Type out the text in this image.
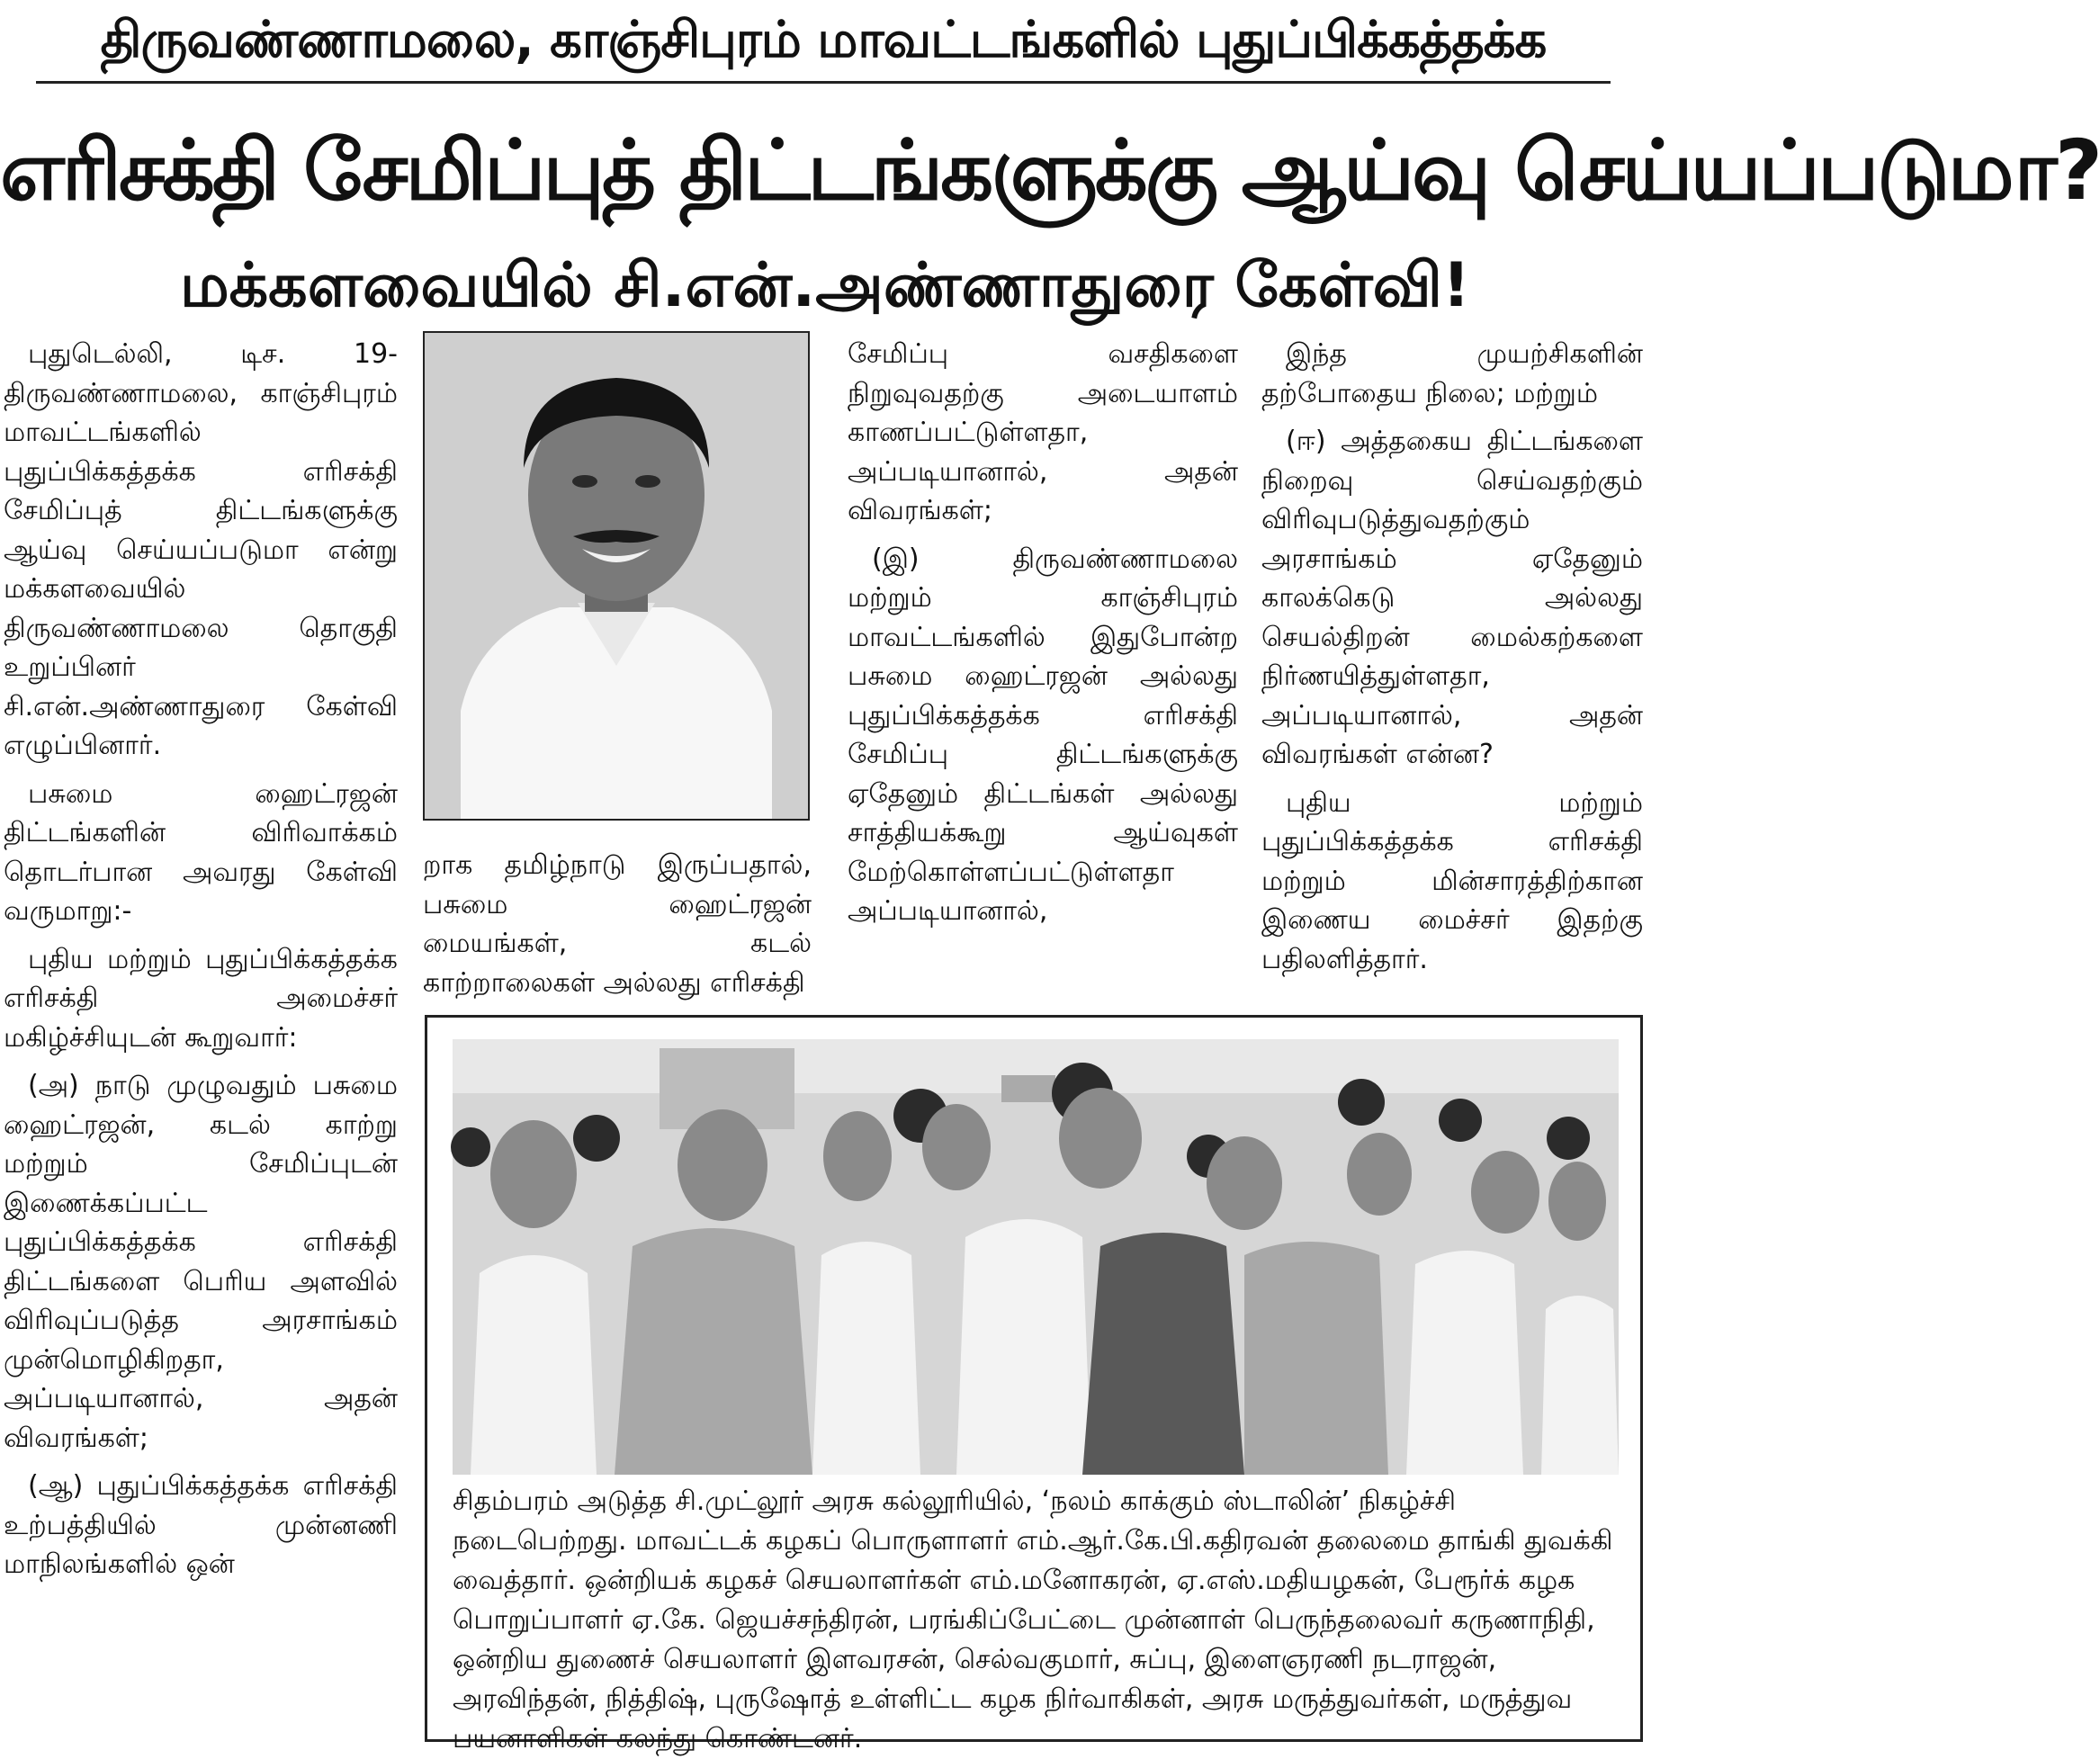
திருவண்ணாமலை, காஞ்சிபுரம் மாவட்டங்களில் புதுப்பிக்கத்தக்க
எரிசக்தி சேமிப்புத் திட்டங்களுக்கு ஆய்வு செய்யப்படுமா?
மக்களவையில் சி.என்.அண்ணாதுரை கேள்வி!

புதுடெல்லி, டிச. 19- திருவண்ணாமலை, காஞ்சிபுரம் மாவட்டங்களில் புதுப்பிக்கத்தக்க எரிசக்தி சேமிப்புத் திட்டங்களுக்கு ஆய்வு செய்யப்படுமா என்று மக்களவையில் திருவண்ணாமலை தொகுதி உறுப்பினர் சி.என்.அண்ணாதுரை கேள்வி எழுப்பினார்.

பசுமை ஹைட்ரஜன் திட்டங்களின் விரிவாக்கம் தொடர்பான அவரது கேள்வி வருமாறு:-

புதிய மற்றும் புதுப்பிக்கத்தக்க எரிசக்தி அமைச்சர் மகிழ்ச்சியுடன் கூறுவார்:

(அ) நாடு முழுவதும் பசுமை ஹைட்ரஜன், கடல் காற்று மற்றும் சேமிப்புடன் இணைக்கப்பட்ட புதுப்பிக்கத்தக்க எரிசக்தி திட்டங்களை பெரிய அளவில் விரிவுப்படுத்த அரசாங்கம் முன்மொழிகிறதா, அப்படியானால், அதன் விவரங்கள்;

(ஆ) புதுப்பிக்கத்தக்க எரிசக்தி உற்பத்தியில் முன்னணி மாநிலங்களில் ஒன்

றாக தமிழ்நாடு இருப்பதால், பசுமை ஹைட்ரஜன் மையங்கள், கடல் காற்றாலைகள் அல்லது எரிசக்தி

சேமிப்பு வசதிகளை நிறுவுவதற்கு அடையாளம் காணப்பட்டுள்ளதா, அப்படியானால், அதன் விவரங்கள்;

(இ) திருவண்ணாமலை மற்றும் காஞ்சிபுரம் மாவட்டங்களில் இதுபோன்ற பசுமை ஹைட்ரஜன் அல்லது புதுப்பிக்கத்தக்க எரிசக்தி சேமிப்பு திட்டங்களுக்கு ஏதேனும் திட்டங்கள் அல்லது சாத்தியக்கூறு ஆய்வுகள் மேற்கொள்ளப்பட்டுள்ளதா அப்படியானால்,

இந்த முயற்சிகளின் தற்போதைய நிலை; மற்றும்

(ஈ) அத்தகைய திட்டங்களை நிறைவு செய்வதற்கும் விரிவுபடுத்துவதற்கும் அரசாங்கம் ஏதேனும் காலக்கெடு அல்லது செயல்திறன் மைல்கற்களை நிர்ணயித்துள்ளதா, அப்படியானால், அதன் விவரங்கள் என்ன?

புதிய மற்றும் புதுப்பிக்கத்தக்க எரிசக்தி மற்றும் மின்சாரத்திற்கான இணைய மைச்சர் இதற்கு பதிலளித்தார்.

சிதம்பரம் அடுத்த சி.முட்லூர் அரசு கல்லூரியில், ‘நலம் காக்கும் ஸ்டாலின்’ நிகழ்ச்சி நடைபெற்றது. மாவட்டக் கழகப் பொருளாளர் எம்.ஆர்.கே.பி.கதிரவன் தலைமை தாங்கி துவக்கி வைத்தார். ஒன்றியக் கழகச் செயலாளர்கள் எம்.மனோகரன், ஏ.எஸ்.மதியழகன், பேரூர்க் கழக பொறுப்பாளர் ஏ.கே. ஜெயச்சந்திரன், பரங்கிப்பேட்டை முன்னாள் பெருந்தலைவர் கருணாநிதி, ஒன்றிய துணைச் செயலாளர் இளவரசன், செல்வகுமார், சுப்பு, இளைஞரணி நடராஜன், அரவிந்தன், நித்திஷ், புருஷோத் உள்ளிட்ட கழக நிர்வாகிகள், அரசு மருத்துவர்கள், மருத்துவ பயனாளிகள் கலந்து கொண்டனர்.
